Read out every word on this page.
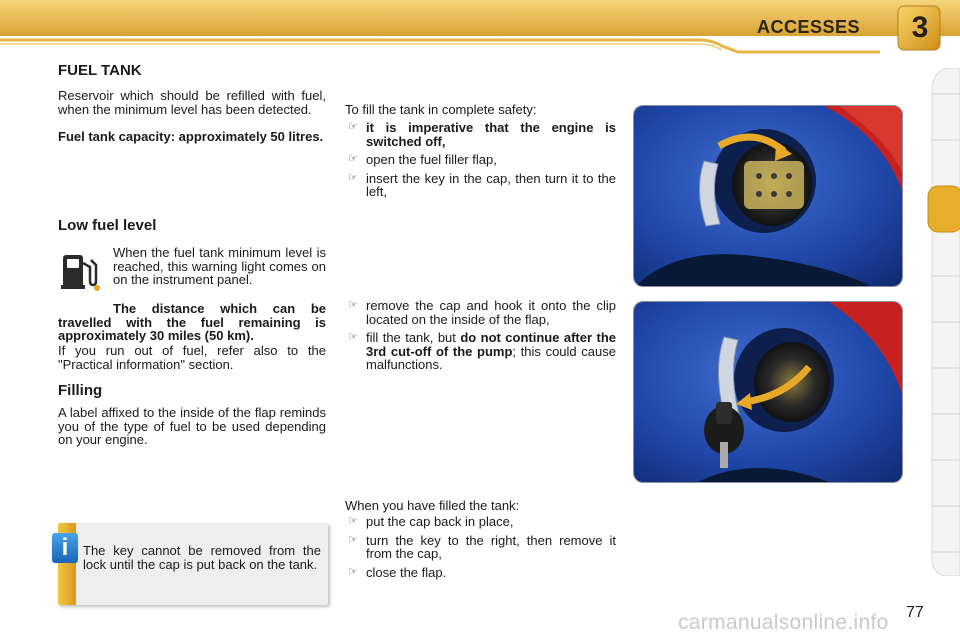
ACCESSES 3
FUEL TANK
Reservoir which should be refilled with fuel, when the minimum level has been detected.
Fuel tank capacity: approximately 50 litres.
Low fuel level
When the fuel tank minimum level is reached, this warning light comes on on the instrument panel.
The distance which can be travelled with the fuel remaining is approximately 30 miles (50 km).
If you run out of fuel, refer also to the "Practical information" section.
Filling
A label affixed to the inside of the flap reminds you of the type of fuel to be used depending on your engine.
i	The key cannot be removed from the lock until the cap is put back on the tank.
To fill the tank in complete safety:
☞ it is imperative that the engine is switched off,
☞ open the fuel filler flap,
☞ insert the key in the cap, then turn it to the left,
☞ remove the cap and hook it onto the clip located on the inside of the flap,
☞ fill the tank, but do not continue after the 3rd cut-off of the pump; this could cause malfunctions.
When you have filled the tank:
☞ put the cap back in place,
☞ turn the key to the right, then remove it from the cap,
☞ close the flap.
77
carmanualsonline.info
